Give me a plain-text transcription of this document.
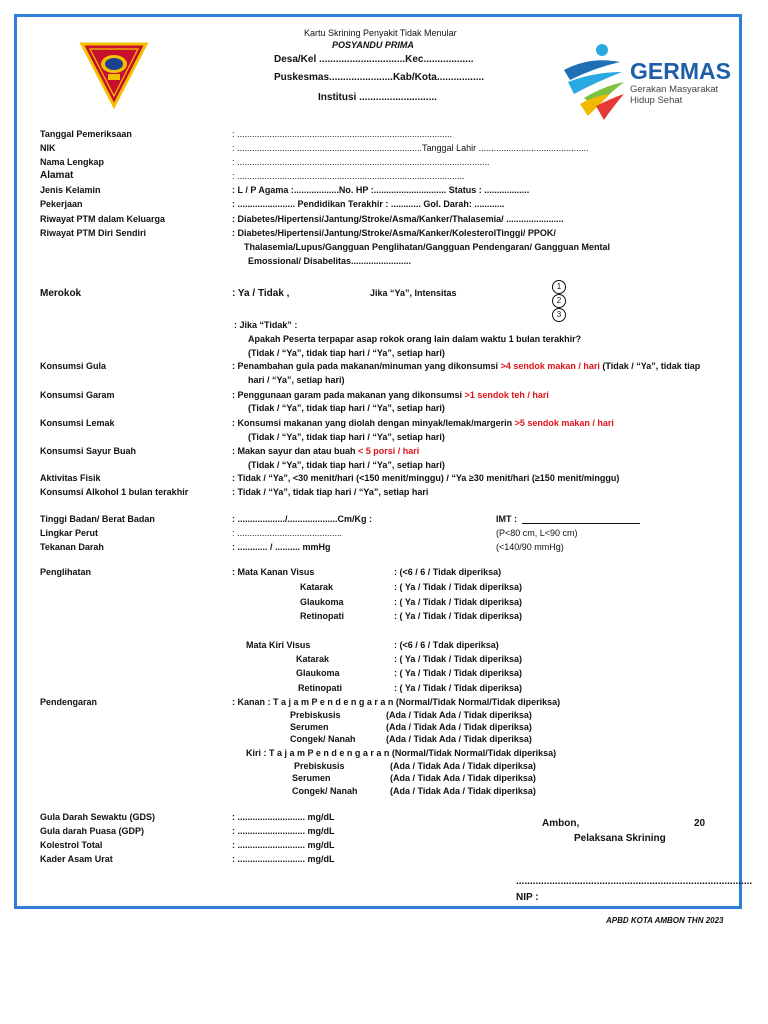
Kartu Skrining Penyakit Tidak Menular
POSYANDU PRIMA
Desa/Kel ...............................Kec..................
Puskesmas.......................Kab/Kota.................
Institusi ............................
GERMAS
Gerakan Masyarakat
Hidup Sehat
Tanggal Pemeriksaan	: ......................................................................................
NIK	: ..........................................................................Tanggal Lahir ............................................
Nama Lengkap	: .....................................................................................................
Alamat	: ...........................................................................................
Jenis Kelamin	: L / P Agama :..................No. HP :............................. Status : ..................
Pekerjaan	: ....................... Pendidikan Terakhir : ............ Gol. Darah: ............
Riwayat PTM dalam Keluarga	: Diabetes/Hipertensi/Jantung/Stroke/Asma/Kanker/Thalasemia/ .......................
Riwayat PTM Diri Sendiri	: Diabetes/Hipertensi/Jantung/Stroke/Asma/Kanker/KolesterolTinggi/ PPOK/
Thalasemia/Lupus/Gangguan Penglihatan/Gangguan Pendengaran/ Gangguan Mental
Emossional/ Disabelitas........................
Merokok	: Ya / Tidak ,	Jika “Ya”, Intensitas
1
2
3
: Jika “Tidak” :
Apakah Peserta terpapar asap rokok orang lain dalam waktu 1 bulan terakhir?
(Tidak / “Ya”, tidak tiap hari / “Ya”, setiap hari)
Konsumsi Gula	: Penambahan gula pada makanan/minuman yang dikonsumsi >4 sendok makan / hari (Tidak / “Ya”, tidak tiap
hari / “Ya”, setiap hari)
Konsumsi Garam	: Penggunaan garam pada makanan yang dikonsumsi >1 sendok teh / hari
(Tidak / “Ya”, tidak tiap hari / “Ya”, setiap hari)
Konsumsi Lemak	: Konsumsi makanan yang diolah dengan minyak/lemak/margerin >5 sendok makan / hari
(Tidak / “Ya”, tidak tiap hari / “Ya”, setiap hari)
Konsumsi Sayur Buah	: Makan sayur dan atau buah < 5 porsi / hari
(Tidak / “Ya”, tidak tiap hari / “Ya”, setiap hari)
Aktivitas Fisik	: Tidak / “Ya”, <30 menit/hari (<150 menit/minggu) / “Ya ≥30 menit/hari (≥150 menit/minggu)
Konsumsi Alkohol 1 bulan terakhir	: Tidak / “Ya”, tidak tiap hari / “Ya”, setiap hari
Tinggi Badan/ Berat Badan	: .................../....................Cm/Kg :	IMT :
Lingkar Perut	: ..........................................	(P<80 cm, L<90 cm)
Tekanan Darah	: ............ / .......... mmHg	(<140/90 mmHg)
Penglihatan	: Mata Kanan Visus	: (<6 / 6 / Tidak diperiksa)
Katarak	: ( Ya / Tidak / Tidak diperiksa)
Glaukoma	: ( Ya / Tidak / Tidak diperiksa)
Retinopati	: ( Ya / Tidak / Tidak diperiksa)
Mata Kiri Visus	: (<6 / 6 / Tdak diperiksa)
Katarak	: ( Ya / Tidak / Tidak diperiksa)
Glaukoma	: ( Ya / Tidak / Tidak diperiksa)
Retinopati	: ( Ya / Tidak / Tidak diperiksa)
Pendengaran	: Kanan : T a j a m P e n d e n g a r a n (Normal/Tidak Normal/Tidak diperiksa)
Prebiskusis	(Ada / Tidak Ada / Tidak diperiksa)
Serumen	(Ada / Tidak Ada / Tidak diperiksa)
Congek/ Nanah	(Ada / Tidak Ada / Tidak diperiksa)
Kiri : T a j a m P e n d e n g a r a n (Normal/Tidak Normal/Tidak diperiksa)
Prebiskusis	(Ada / Tidak Ada / Tidak diperiksa)
Serumen	(Ada / Tidak Ada / Tidak diperiksa)
Congek/ Nanah	(Ada / Tidak Ada / Tidak diperiksa)
Gula Darah Sewaktu (GDS)	: ........................... mg/dL
Gula darah Puasa (GDP)	: ........................... mg/dL
Kolestrol Total	: ........................... mg/dL
Kader Asam Urat	: ........................... mg/dL
Ambon,	20
Pelaksana Skrining
.....................................................................................
NIP :
APBD KOTA AMBON THN 2023
